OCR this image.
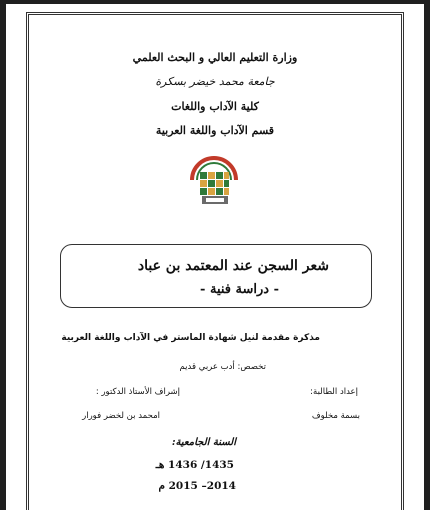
وزارة التعليم العالي و البحث العلمي
جامعة محمد خيضر بسكرة
كلية الآداب واللغات
قسم الآداب واللغة العربية
شعر السجن عند المعتمد بن عباد
- دراسة فنية -
مذكرة مقدمة لنيل شهادة الماستر في الآداب واللغة العربية
تخصص: أدب عربي قديم
إعداد الطالبة:
إشراف الأستاذ الدكتور :
بسمة مخلوف
امحمد بن لخضر فورار
السنة الجامعية:
1435/ 1436 هـ
2014– 2015 م
